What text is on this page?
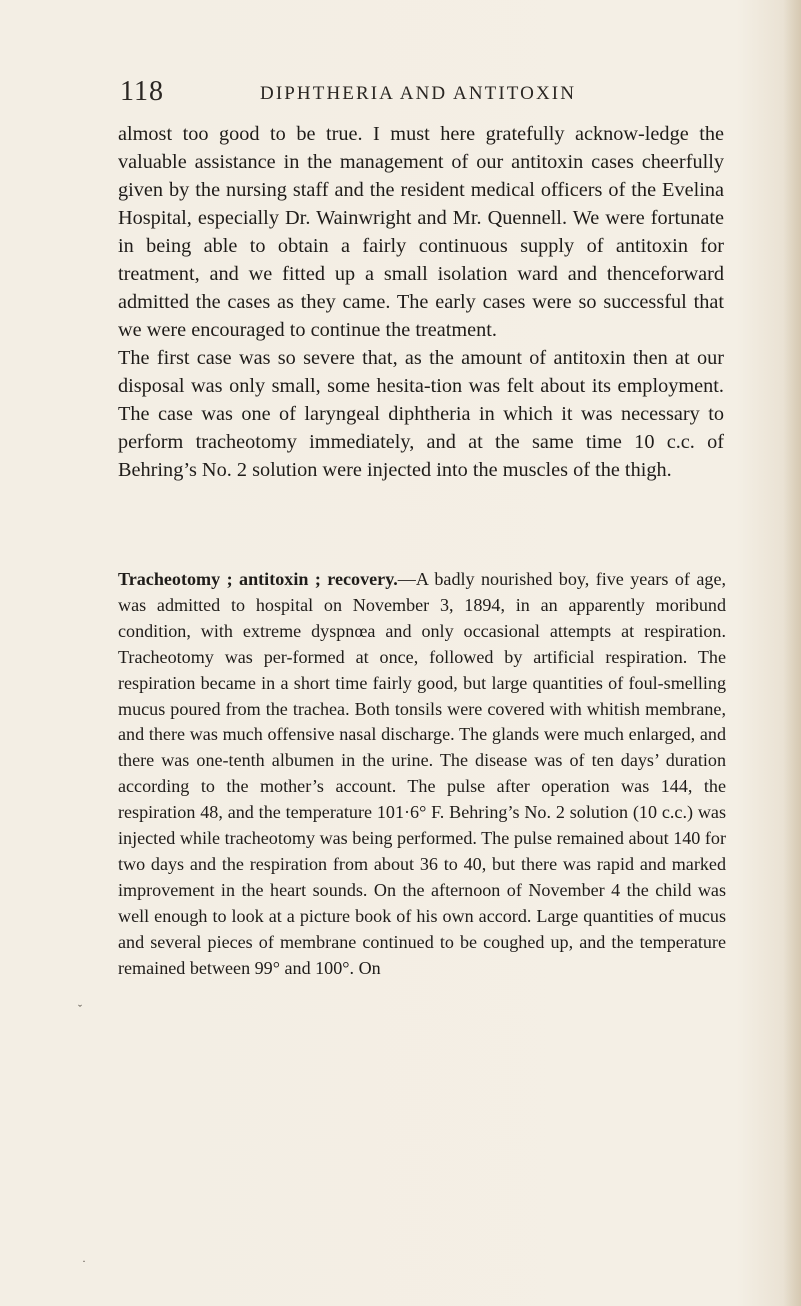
118	DIPHTHERIA AND ANTITOXIN

almost too good to be true. I must here gratefully acknow-ledge the valuable assistance in the management of our antitoxin cases cheerfully given by the nursing staff and the resident medical officers of the Evelina Hospital, especially Dr. Wainwright and Mr. Quennell. We were fortunate in being able to obtain a fairly continuous supply of antitoxin for treatment, and we fitted up a small isolation ward and thenceforward admitted the cases as they came. The early cases were so successful that we were encouraged to continue the treatment.

The first case was so severe that, as the amount of antitoxin then at our disposal was only small, some hesita-tion was felt about its employment. The case was one of laryngeal diphtheria in which it was necessary to perform tracheotomy immediately, and at the same time 10 c.c. of Behring’s No. 2 solution were injected into the muscles of the thigh.

Tracheotomy ; antitoxin ; recovery.—A badly nourished boy, five years of age, was admitted to hospital on November 3, 1894, in an apparently moribund condition, with extreme dyspnœa and only occasional attempts at respiration. Tracheotomy was per-formed at once, followed by artificial respiration. The respiration became in a short time fairly good, but large quantities of foul-smelling mucus poured from the trachea. Both tonsils were covered with whitish membrane, and there was much offensive nasal discharge. The glands were much enlarged, and there was one-tenth albumen in the urine. The disease was of ten days’ duration according to the mother’s account. The pulse after operation was 144, the respiration 48, and the temperature 101·6° F. Behring’s No. 2 solution (10 c.c.) was injected while tracheotomy was being performed. The pulse remained about 140 for two days and the respiration from about 36 to 40, but there was rapid and marked improvement in the heart sounds. On the afternoon of November 4 the child was well enough to look at a picture book of his own accord. Large quantities of mucus and several pieces of membrane continued to be coughed up, and the temperature remained between 99° and 100°. On

ˇ
·
